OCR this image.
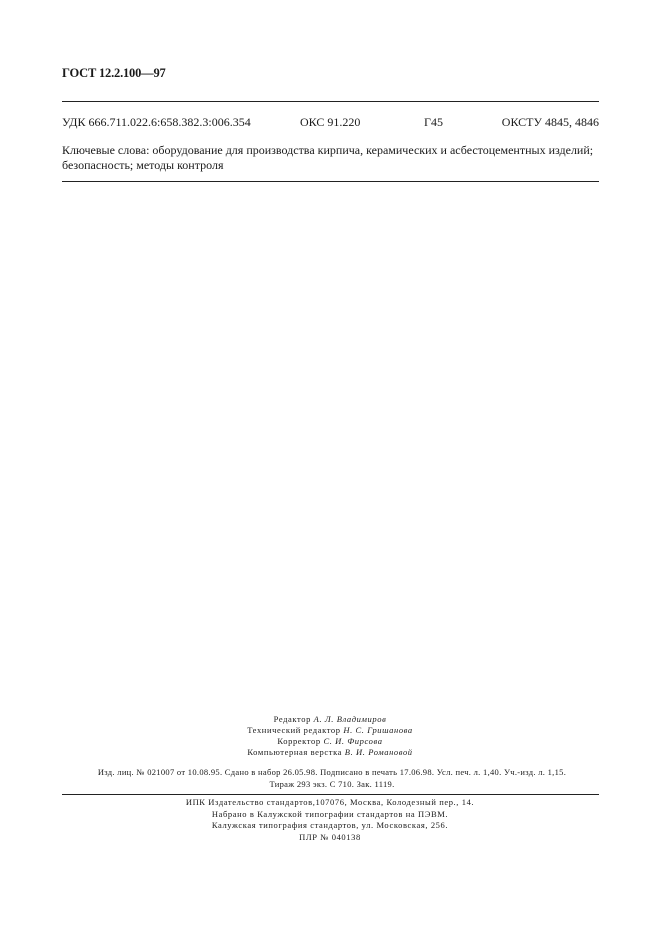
ГОСТ 12.2.100—97
УДК 666.711.022.6:658.382.3:006.354	ОКС 91.220	Г45	ОКСТУ 4845, 4846
Ключевые слова: оборудование для производства кирпича, керамических и асбестоцементных изделий; безопасность; методы контроля
Редактор А. Л. Владимиров
Технический редактор Н. С. Гришанова
Корректор С. И. Фирсова
Компьютерная верстка В. И. Романовой
Изд. лиц. № 021007 от 10.08.95. Сдано в набор 26.05.98. Подписано в печать 17.06.98. Усл. печ. л. 1,40. Уч.-изд. л. 1,15.
Тираж 293 экз. С 710. Зак. 1119.
ИПК Издательство стандартов,107076, Москва, Колодезный пер., 14.
Набрано в Калужской типографии стандартов на ПЭВМ.
Калужская типография стандартов, ул. Московская, 256.
ПЛР № 040138
